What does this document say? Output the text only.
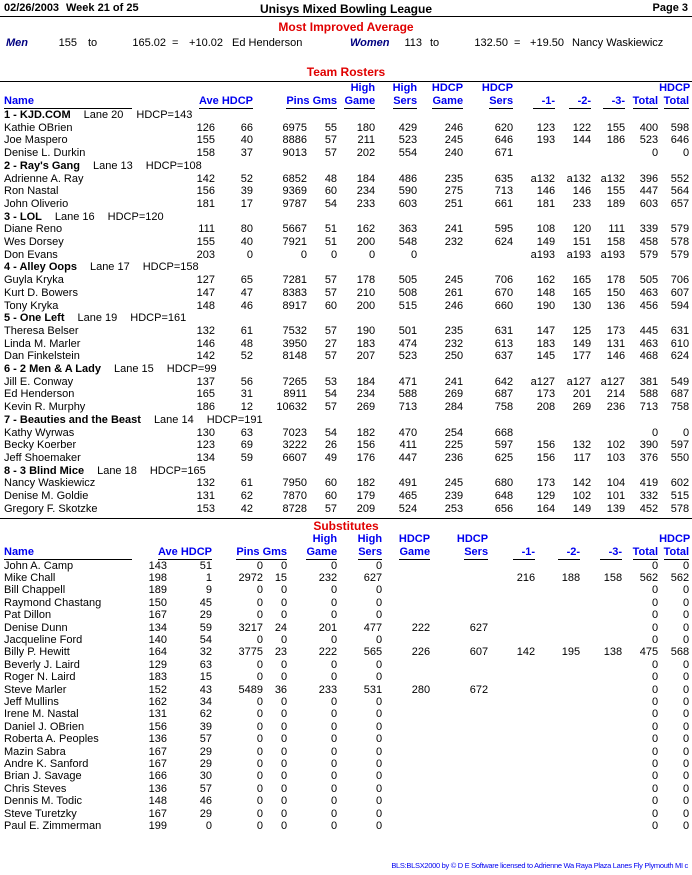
02/26/2003 Week 21 of 25	Unisys Mixed Bowling League	Page 3
Most Improved Average
Men	155 to	165.02 = +10.02 Ed Henderson	Women	113 to	132.50 = +19.50 Nancy Waskiewicz
Team Rosters
					High	High	HDCP	HDCP					HDCP
Name	Ave HDCP		Pins Gms		Game	Sers	Game	Sers	-1-	-2-	-3-	Total	Total
1 - KJD.COM Lane 20 HDCP=143													
Kathie OBrien	126	66	6975	55	180	429	246	620	123	122	155	400	598
Joe Maspero	155	40	8886	57	211	523	245	646	193	144	186	523	646
Denise L. Durkin	158	37	9013	57	202	554	240	671				0	0
2 - Ray's Gang Lane 13 HDCP=108													
Adrienne A. Ray	142	52	6852	48	184	486	235	635	a132	a132	a132	396	552
Ron Nastal	156	39	9369	60	234	590	275	713	146	146	155	447	564
John Oliverio	181	17	9787	54	233	603	251	661	181	233	189	603	657
3 - LOL Lane 16 HDCP=120													
Diane Reno	111	80	5667	51	162	363	241	595	108	120	111	339	579
Wes Dorsey	155	40	7921	51	200	548	232	624	149	151	158	458	578
Don Evans	203	0	0	0	0	0			a193	a193	a193	579	579
4 - Alley Oops Lane 17 HDCP=158													
Guyla Kryka	127	65	7281	57	178	505	245	706	162	165	178	505	706
Kurt D. Bowers	147	47	8383	57	210	508	261	670	148	165	150	463	607
Tony Kryka	148	46	8917	60	200	515	246	660	190	130	136	456	594
5 - One Left Lane 19 HDCP=161													
Theresa Belser	132	61	7532	57	190	501	235	631	147	125	173	445	631
Linda M. Marler	146	48	3950	27	183	474	232	613	183	149	131	463	610
Dan Finkelstein	142	52	8148	57	207	523	250	637	145	177	146	468	624
6 - 2 Men & A Lady Lane 15 HDCP=99													
Jill E. Conway	137	56	7265	53	184	471	241	642	a127	a127	a127	381	549
Ed Henderson	165	31	8911	54	234	588	269	687	173	201	214	588	687
Kevin R. Murphy	186	12	10632	57	269	713	284	758	208	269	236	713	758
7 - Beauties and the Beast Lane 14 HDCP=191													
Kathy Wyrwas	130	63	7023	54	182	470	254	668				0	0
Becky Koerber	123	69	3222	26	156	411	225	597	156	132	102	390	597
Jeff Shoemaker	134	59	6607	49	176	447	236	625	156	117	103	376	550
8 - 3 Blind Mice Lane 18 HDCP=165													
Nancy Waskiewicz	132	61	7950	60	182	491	245	680	173	142	104	419	602
Denise M. Goldie	131	62	7870	60	179	465	239	648	129	102	101	332	515
Gregory F. Skotzke	153	42	8728	57	209	524	253	656	164	149	139	452	578
Substitutes
					High	High	HDCP	HDCP					HDCP
Name	Ave HDCP		Pins Gms		Game	Sers	Game	Sers	-1-	-2-	-3-	Total	Total
John A. Camp	143	51	0	0	0	0						0	0
Mike Chall	198	1	2972	15	232	627			216	188	158	562	562
Bill Chappell	189	9	0	0	0	0						0	0
Raymond Chastang	150	45	0	0	0	0						0	0
Pat Dillon	167	29	0	0	0	0						0	0
Denise Dunn	134	59	3217	24	201	477	222	627				0	0
Jacqueline Ford	140	54	0	0	0	0						0	0
Billy P. Hewitt	164	32	3775	23	222	565	226	607	142	195	138	475	568
Beverly J. Laird	129	63	0	0	0	0						0	0
Roger N. Laird	183	15	0	0	0	0						0	0
Steve Marler	152	43	5489	36	233	531	280	672				0	0
Jeff Mullins	162	34	0	0	0	0						0	0
Irene M. Nastal	131	62	0	0	0	0						0	0
Daniel J. OBrien	156	39	0	0	0	0						0	0
Roberta A. Peoples	136	57	0	0	0	0						0	0
Mazin Sabra	167	29	0	0	0	0						0	0
Andre K. Sanford	167	29	0	0	0	0						0	0
Brian J. Savage	166	30	0	0	0	0						0	0
Chris Steves	136	57	0	0	0	0						0	0
Dennis M. Todic	148	46	0	0	0	0						0	0
Steve Turetzky	167	29	0	0	0	0						0	0
Paul E. Zimmerman	199	0	0	0	0	0						0	0
BLS:BLSX2000 by © D E Software licensed to Adrienne Wa Raya Plaza Lanes Fly Plymouth MI c
